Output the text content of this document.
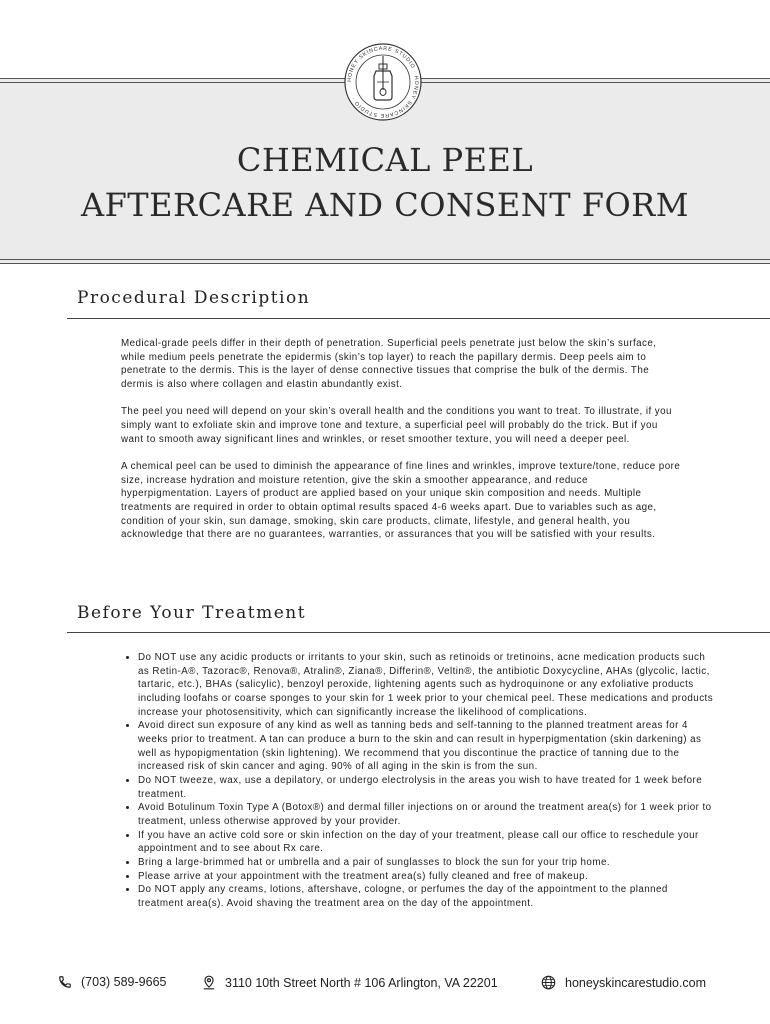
HONEY SKINCARE STUDIO · HONEY SKINCARE STUDIO ·
CHEMICAL PEEL
AFTERCARE AND CONSENT FORM
Procedural Description

Medical-grade peels differ in their depth of penetration. Superficial peels penetrate just below the skin’s surface, while medium peels penetrate the epidermis (skin’s top layer) to reach the papillary dermis. Deep peels aim to penetrate to the dermis. This is the layer of dense connective tissues that comprise the bulk of the dermis. The dermis is also where collagen and elastin abundantly exist.

The peel you need will depend on your skin’s overall health and the conditions you want to treat. To illustrate, if you simply want to exfoliate skin and improve tone and texture, a superficial peel will probably do the trick. But if you want to smooth away significant lines and wrinkles, or reset smoother texture, you will need a deeper peel.

A chemical peel can be used to diminish the appearance of fine lines and wrinkles, improve texture/tone, reduce pore size, increase hydration and moisture retention, give the skin a smoother appearance, and reduce hyperpigmentation. Layers of product are applied based on your unique skin composition and needs. Multiple treatments are required in order to obtain optimal results spaced 4-6 weeks apart. Due to variables such as age, condition of your skin, sun damage, smoking, skin care products, climate, lifestyle, and general health, you acknowledge that there are no guarantees, warranties, or assurances that you will be satisfied with your results.

Before Your Treatment
• Do NOT use any acidic products or irritants to your skin, such as retinoids or tretinoins, acne medication products such as Retin-A®, Tazorac®, Renova®, Atralin®, Ziana®, Differin®, Veltin®, the antibiotic Doxycycline, AHAs (glycolic, lactic, tartaric, etc.), BHAs (salicylic), benzoyl peroxide, lightening agents such as hydroquinone or any exfoliative products including loofahs or coarse sponges to your skin for 1 week prior to your chemical peel. These medications and products increase your photosensitivity, which can significantly increase the likelihood of complications.
• Avoid direct sun exposure of any kind as well as tanning beds and self-tanning to the planned treatment areas for 4 weeks prior to treatment. A tan can produce a burn to the skin and can result in hyperpigmentation (skin darkening) as well as hypopigmentation (skin lightening). We recommend that you discontinue the practice of tanning due to the increased risk of skin cancer and aging. 90% of all aging in the skin is from the sun.
• Do NOT tweeze, wax, use a depilatory, or undergo electrolysis in the areas you wish to have treated for 1 week before treatment.
• Avoid Botulinum Toxin Type A (Botox®) and dermal filler injections on or around the treatment area(s) for 1 week prior to treatment, unless otherwise approved by your provider.
• If you have an active cold sore or skin infection on the day of your treatment, please call our office to reschedule your appointment and to see about Rx care.
• Bring a large-brimmed hat or umbrella and a pair of sunglasses to block the sun for your trip home.
• Please arrive at your appointment with the treatment area(s) fully cleaned and free of makeup.
• Do NOT apply any creams, lotions, aftershave, cologne, or perfumes the day of the appointment to the planned treatment area(s). Avoid shaving the treatment area on the day of the appointment.
(703) 589-9665	3110 10th Street North # 106 Arlington, VA 22201	honeyskincarestudio.com
